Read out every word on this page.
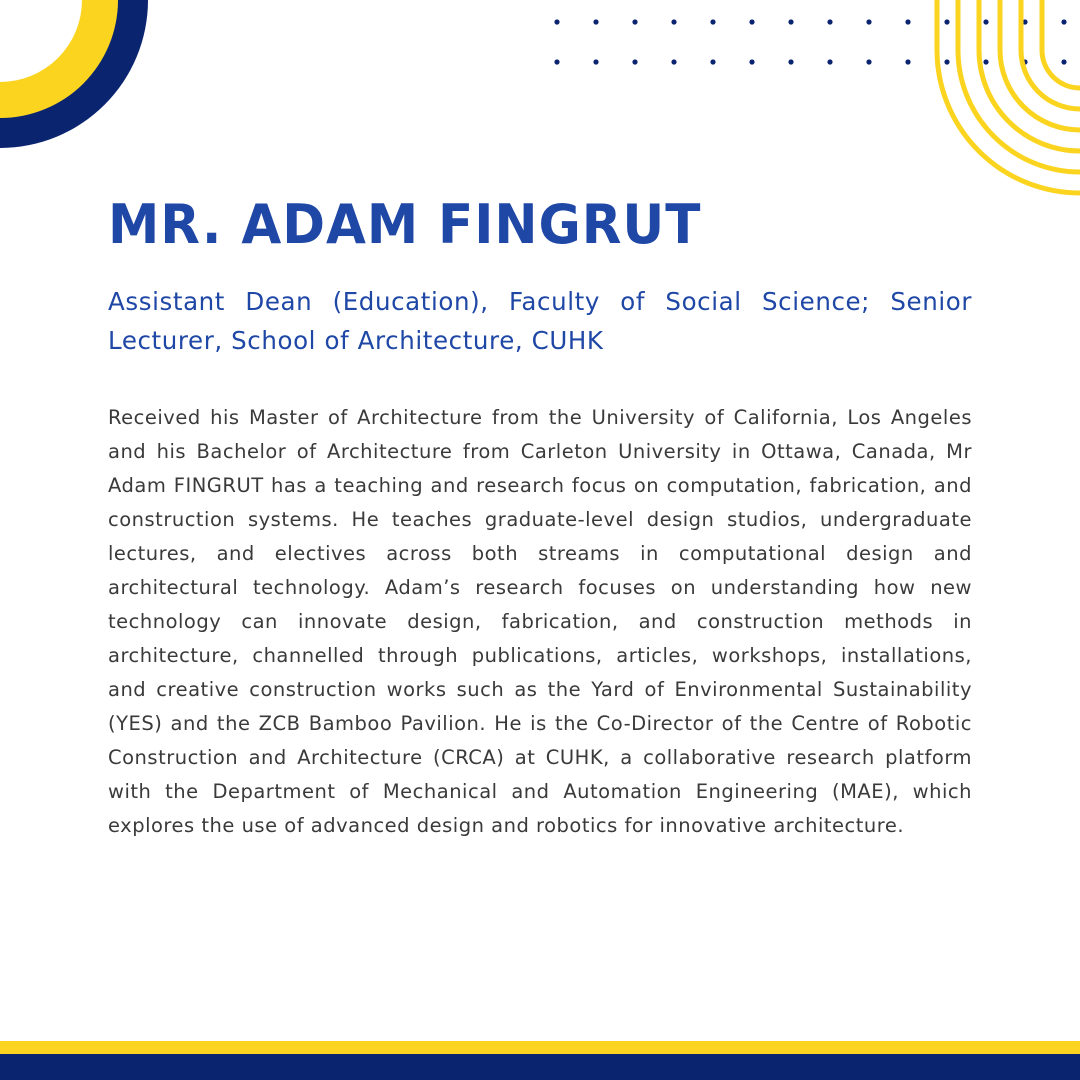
MR. ADAM FINGRUT

Assistant Dean (Education), Faculty of Social Science; Senior Lecturer, School of Architecture, CUHK

Received his Master of Architecture from the University of California, Los Angeles and his Bachelor of Architecture from Carleton University in Ottawa, Canada, Mr Adam FINGRUT has a teaching and research focus on computation, fabrication, and construction systems. He teaches graduate-level design studios, undergraduate lectures, and electives across both streams in computational design and architectural technology. Adam’s research focuses on understanding how new technology can innovate design, fabrication, and construction methods in architecture, channelled through publications, articles, workshops, installations, and creative construction works such as the Yard of Environmental Sustainability (YES) and the ZCB Bamboo Pavilion. He is the Co-Director of the Centre of Robotic Construction and Architecture (CRCA) at CUHK, a collaborative research platform with the Department of Mechanical and Automation Engineering (MAE), which explores the use of advanced design and robotics for innovative architecture.
